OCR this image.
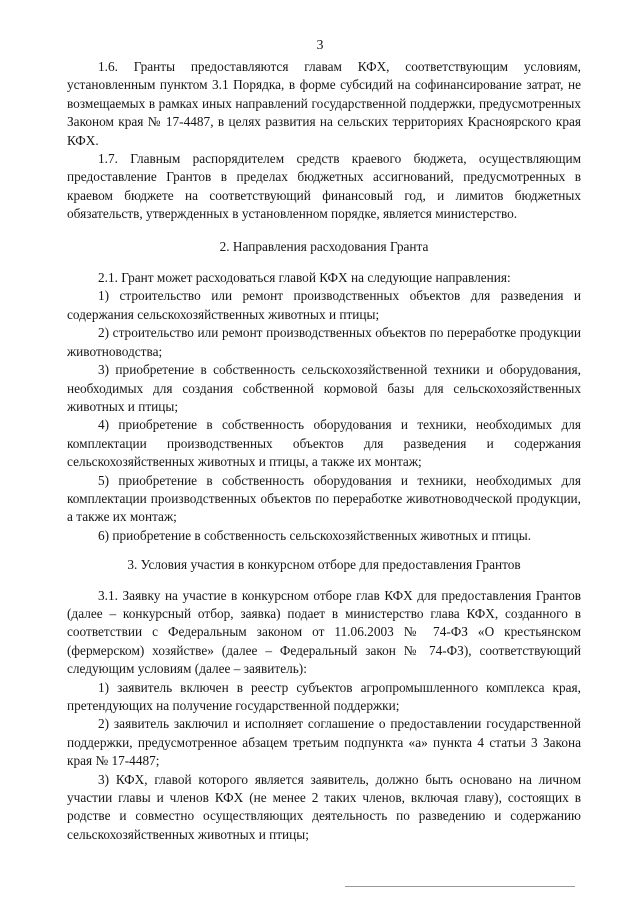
3

1.6. Гранты предоставляются главам КФХ, соответствующим условиям, установленным пунктом 3.1 Порядка, в форме субсидий на софинансирование затрат, не возмещаемых в рамках иных направлений государственной поддержки, предусмотренных Законом края № 17-4487, в целях развития на сельских территориях Красноярского края КФХ.

1.7. Главным распорядителем средств краевого бюджета, осуществляющим предоставление Грантов в пределах бюджетных ассигнований, предусмотренных в краевом бюджете на соответствующий финансовый год, и лимитов бюджетных обязательств, утвержденных в установленном порядке, является министерство.

2. Направления расходования Гранта

2.1. Грант может расходоваться главой КФХ на следующие направления:

1) строительство или ремонт производственных объектов для разведения и содержания сельскохозяйственных животных и птицы;

2) строительство или ремонт производственных объектов по переработке продукции животноводства;

3) приобретение в собственность сельскохозяйственной техники и оборудования, необходимых для создания собственной кормовой базы для сельскохозяйственных животных и птицы;

4) приобретение в собственность оборудования и техники, необходимых для комплектации производственных объектов для разведения и содержания сельскохозяйственных животных и птицы, а также их монтаж;

5) приобретение в собственность оборудования и техники, необходимых для комплектации производственных объектов по переработке животноводческой продукции, а также их монтаж;

6) приобретение в собственность сельскохозяйственных животных и птицы.

3. Условия участия в конкурсном отборе для предоставления Грантов

3.1. Заявку на участие в конкурсном отборе глав КФХ для предоставления Грантов (далее – конкурсный отбор, заявка) подает в министерство глава КФХ, созданного в соответствии с Федеральным законом от 11.06.2003 № 74-ФЗ «О крестьянском (фермерском) хозяйстве» (далее – Федеральный закон № 74-ФЗ), соответствующий следующим условиям (далее – заявитель):

1) заявитель включен в реестр субъектов агропромышленного комплекса края, претендующих на получение государственной поддержки;

2) заявитель заключил и исполняет соглашение о предоставлении государственной поддержки, предусмотренное абзацем третьим подпункта «а» пункта 4 статьи 3 Закона края № 17-4487;

3) КФХ, главой которого является заявитель, должно быть основано на личном участии главы и членов КФХ (не менее 2 таких членов, включая главу), состоящих в родстве и совместно осуществляющих деятельность по разведению и содержанию сельскохозяйственных животных и птицы;
